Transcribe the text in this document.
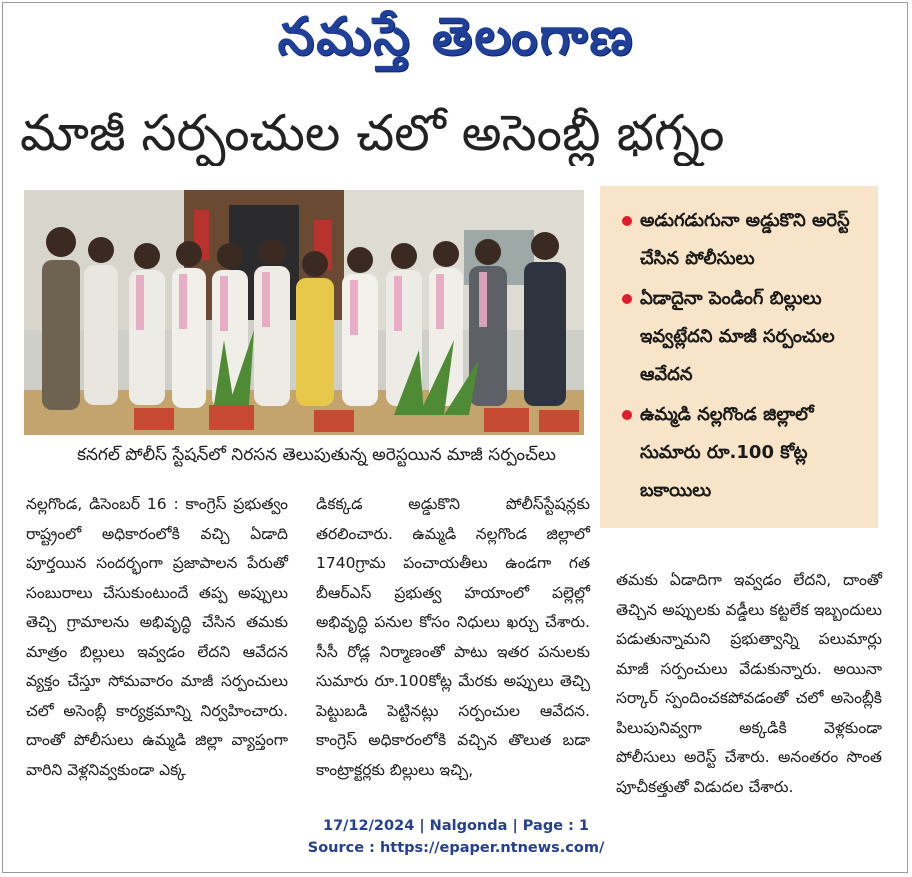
నమస్తే తెలంగాణ
మాజీ సర్పంచుల చలో అసెంబ్లీ భగ్నం
కనగల్ పోలీస్ స్టేషన్‌లో నిరసన తెలుపుతున్న అరెస్టయిన మాజీ సర్పంచ్‌లు
అడుగడుగునా అడ్డుకొని అరెస్ట్ చేసిన పోలీసులు
ఏడాదైనా పెండింగ్ బిల్లులు ఇవ్వట్లేదని మాజీ సర్పంచుల ఆవేదన
ఉమ్మడి నల్లగొండ జిల్లాలో సుమారు రూ.100 కోట్ల బకాయిలు

నల్లగొండ, డిసెంబర్ 16 : కాంగ్రెస్ ప్రభుత్వం రాష్ట్రంలో అధికారంలోకి వచ్చి ఏడాది పూర్తయిన సందర్భంగా ప్రజాపాలన పేరుతో సంబురాలు చేసుకుంటుందే తప్ప అప్పులు తెచ్చి గ్రామాలను అభివృద్ధి చేసిన తమకు మాత్రం బిల్లులు ఇవ్వడం లేదని ఆవేదన వ్యక్తం చేస్తూ సోమవారం మాజీ సర్పంచులు చలో అసెంబ్లీ కార్యక్రమాన్ని నిర్వహించారు. దాంతో పోలీసులు ఉమ్మడి జిల్లా వ్యాప్తంగా వారిని వెళ్లనివ్వకుండా ఎక్క

డికక్కడ అడ్డుకొని పోలీస్‌స్టేషన్లకు తరలించారు. ఉమ్మడి నల్లగొండ జిల్లాలో 1740గ్రామ పంచాయతీలు ఉండగా గత బీఆర్‌ఎస్ ప్రభుత్వ హయాంలో పల్లెల్లో అభివృద్ధి పనుల కోసం నిధులు ఖర్చు చేశారు. సీసీ రోడ్ల నిర్మాణంతో పాటు ఇతర పనులకు సుమారు రూ.100కోట్ల మేరకు అప్పులు తెచ్చి పెట్టుబడి పెట్టినట్లు సర్పంచుల ఆవేదన. కాంగ్రెస్ అధికారంలోకి వచ్చిన తొలుత బడా కాంట్రాక్టర్లకు బిల్లులు ఇచ్చి,

తమకు ఏడాదిగా ఇవ్వడం లేదని, దాంతో తెచ్చిన అప్పులకు వడ్డీలు కట్టలేక ఇబ్బందులు పడుతున్నామని ప్రభుత్వాన్ని పలుమార్లు మాజీ సర్పంచులు వేడుకున్నారు. అయినా సర్కార్ స్పందించకపోవడంతో చలో అసెంబ్లీకి పిలుపునివ్వగా అక్కడికి వెళ్లకుండా పోలీసులు అరెస్ట్ చేశారు. అనంతరం సొంత పూచీకత్తుతో విడుదల చేశారు.

17/12/2024 | Nalgonda | Page : 1
Source : https://epaper.ntnews.com/
